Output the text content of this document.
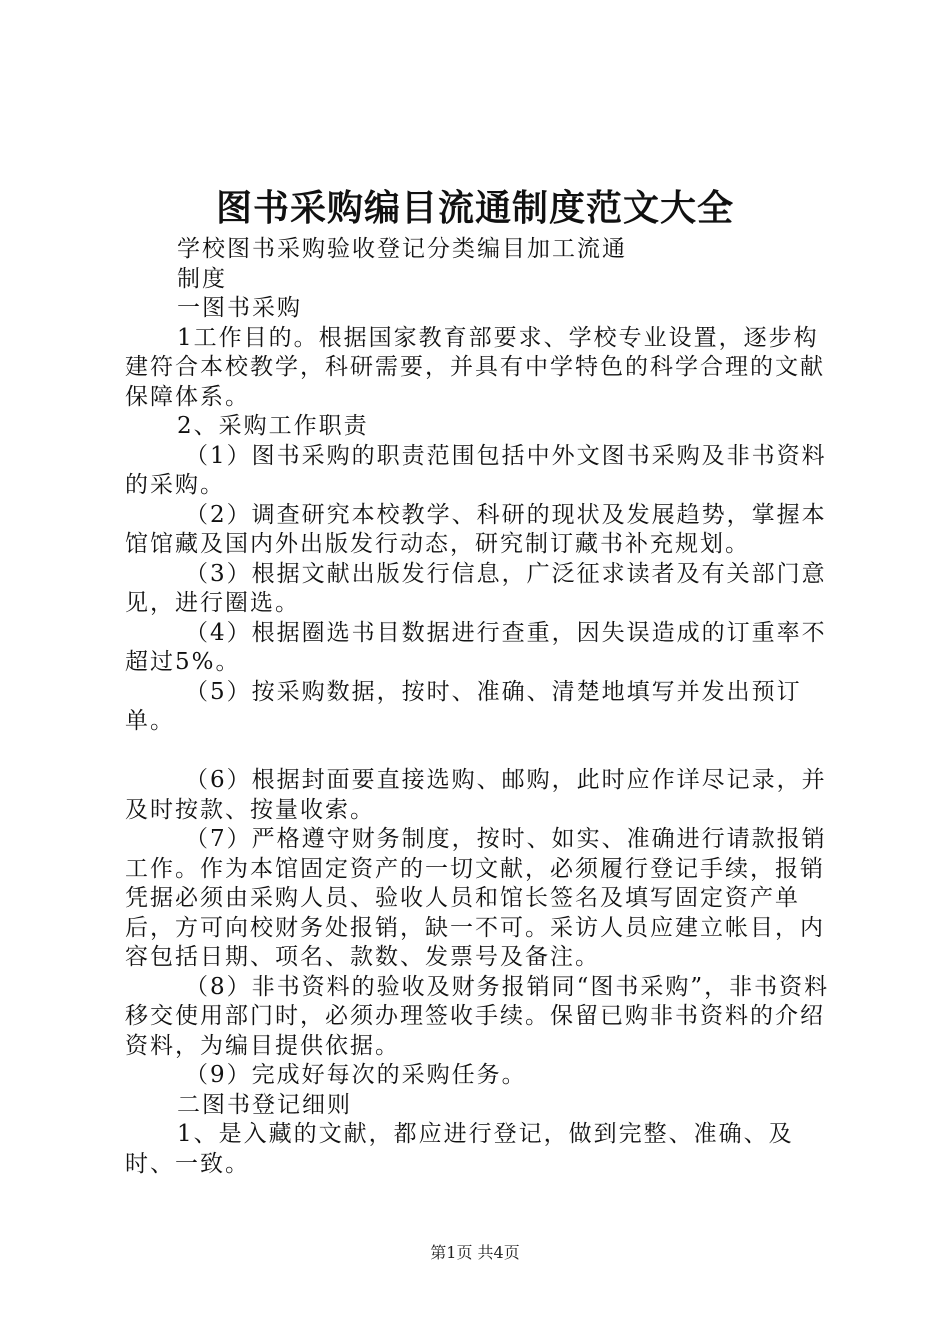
图书采购编目流通制度范文大全

学校图书采购验收登记分类编目加工流通

制度

一图书采购

1工作目的。根据国家教育部要求、学校专业设置，逐步构建符合本校教学，科研需要，并具有中学特色的科学合理的文献保障体系。

2、采购工作职责

（1）图书采购的职责范围包括中外文图书采购及非书资料的采购。

（2）调查研究本校教学、科研的现状及发展趋势，掌握本馆馆藏及国内外出版发行动态，研究制订藏书补充规划。

（3）根据文献出版发行信息，广泛征求读者及有关部门意见，进行圈选。

（4）根据圈选书目数据进行查重，因失误造成的订重率不超过5%。

（5）按采购数据，按时、准确、清楚地填写并发出预订单。

（6）根据封面要直接选购、邮购，此时应作详尽记录，并及时按款、按量收索。

（7）严格遵守财务制度，按时、如实、准确进行请款报销工作。作为本馆固定资产的一切文献，必须履行登记手续，报销凭据必须由采购人员、验收人员和馆长签名及填写固定资产单后，方可向校财务处报销，缺一不可。采访人员应建立帐目，内容包括日期、项名、款数、发票号及备注。

（8）非书资料的验收及财务报销同“图书采购”，非书资料移交使用部门时，必须办理签收手续。保留已购非书资料的介绍资料，为编目提供依据。

（9）完成好每次的采购任务。

二图书登记细则

1、是入藏的文献，都应进行登记，做到完整、准确、及时、一致。

第1页 共4页
